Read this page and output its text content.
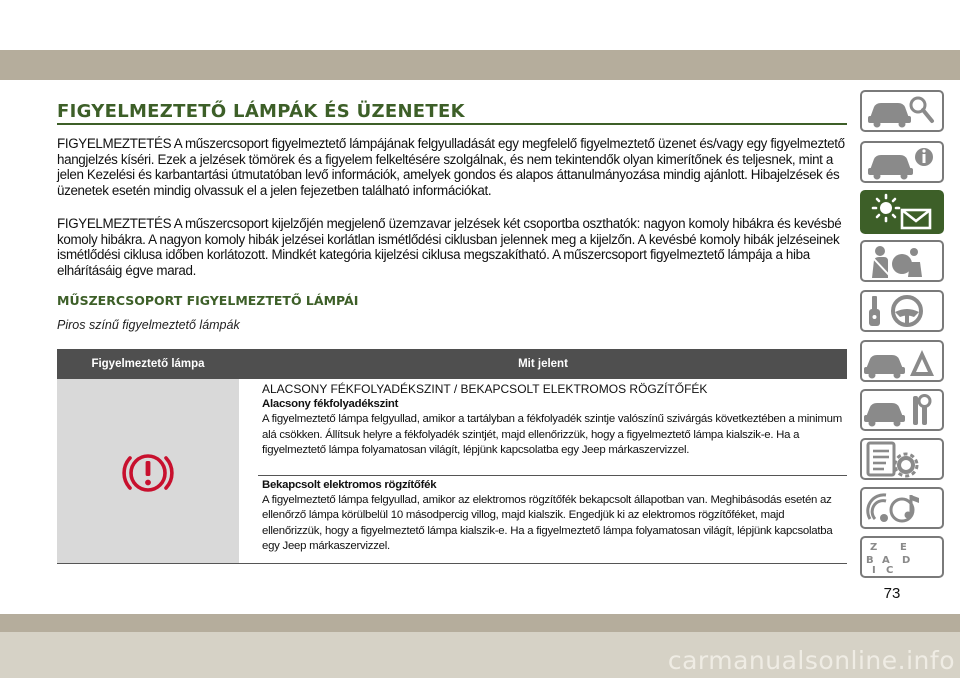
FIGYELMEZTETŐ LÁMPÁK ÉS ÜZENETEK

FIGYELMEZTETÉS A műszercsoport figyelmeztető lámpájának felgyulladását egy megfelelő figyelmeztető üzenet és/vagy egy figyelmeztető hangjelzés kíséri. Ezek a jelzések tömörek és a figyelem felkeltésére szolgálnak, és nem tekintendők olyan kimerítőnek és teljesnek, mint a jelen Kezelési és karbantartási útmutatóban levő információk, amelyek gondos és alapos áttanulmányozása mindig ajánlott. Hibajelzések és üzenetek esetén mindig olvassuk el a jelen fejezetben található információkat.

FIGYELMEZTETÉS A műszercsoport kijelzőjén megjelenő üzemzavar jelzések két csoportba oszthatók: nagyon komoly hibákra és kevésbé komoly hibákra. A nagyon komoly hibák jelzései korlátlan ismétlődési ciklusban jelennek meg a kijelzőn. A kevésbé komoly hibák jelzéseinek ismétlődési ciklusa időben korlátozott. Mindkét kategória kijelzési ciklusa megszakítható. A műszercsoport figyelmeztető lámpája a hiba elhárításáig égve marad.

MŰSZERCSOPORT FIGYELMEZTETŐ LÁMPÁI

Piros színű figyelmeztető lámpák

Figyelmeztető lámpa	Mit jelent
ALACSONY FÉKFOLYADÉKSZINT / BEKAPCSOLT ELEKTROMOS RÖGZÍTŐFÉK
Alacsony fékfolyadékszint
A figyelmeztető lámpa felgyullad, amikor a tartályban a fékfolyadék szintje valószínű szivárgás következtében a minimum alá csökken. Állítsuk helyre a fékfolyadék szintjét, majd ellenőrizzük, hogy a figyelmeztető lámpa kialszik-e. Ha a figyelmeztető lámpa folyamatosan világít, lépjünk kapcsolatba egy Jeep márkaszervizzel.
Bekapcsolt elektromos rögzítőfék
A figyelmeztető lámpa felgyullad, amikor az elektromos rögzítőfék bekapcsolt állapotban van. Meghibásodás esetén az ellenőrző lámpa körülbelül 10 másodpercig villog, majd kialszik. Engedjük ki az elektromos rögzítőféket, majd ellenőrizzük, hogy a figyelmeztető lámpa kialszik-e. Ha a figyelmeztető lámpa folyamatosan világít, lépjünk kapcsolatba egy Jeep márkaszervizzel.	Z E
B A D
I C
73
carmanualsonline.info
